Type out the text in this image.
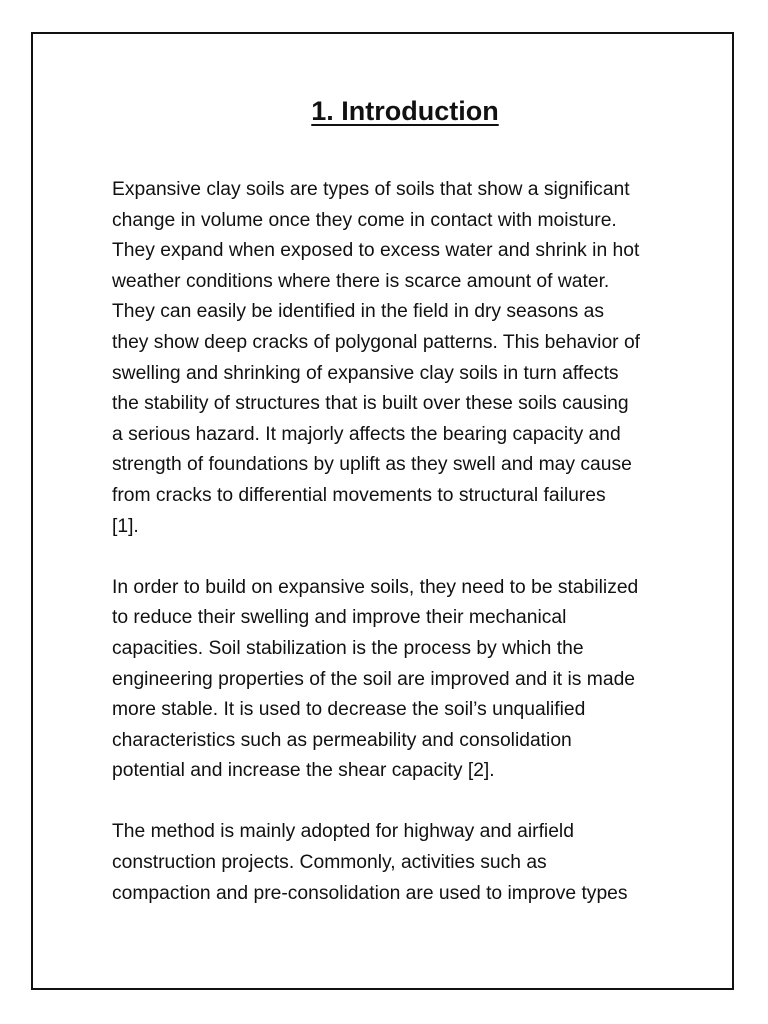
1. Introduction

Expansive clay soils are types of soils that show a significant
change in volume once they come in contact with moisture.
They expand when exposed to excess water and shrink in hot
weather conditions where there is scarce amount of water.
They can easily be identified in the field in dry seasons as
they show deep cracks of polygonal patterns. This behavior of
swelling and shrinking of expansive clay soils in turn affects
the stability of structures that is built over these soils causing
a serious hazard. It majorly affects the bearing capacity and
strength of foundations by uplift as they swell and may cause
from cracks to differential movements to structural failures
[1].

In order to build on expansive soils, they need to be stabilized
to reduce their swelling and improve their mechanical
capacities. Soil stabilization is the process by which the
engineering properties of the soil are improved and it is made
more stable. It is used to decrease the soil’s unqualified
characteristics such as permeability and consolidation
potential and increase the shear capacity [2].

The method is mainly adopted for highway and airfield
construction projects. Commonly, activities such as
compaction and pre-consolidation are used to improve types
